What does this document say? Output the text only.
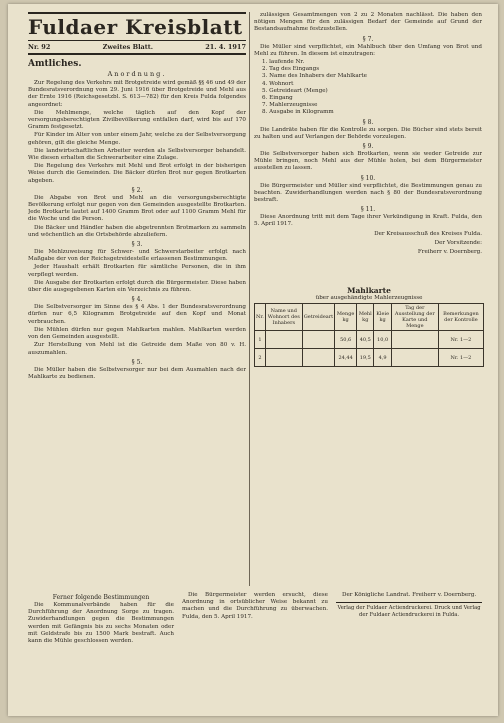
Fuldaer Kreisblatt
Nr. 92	Zweites Blatt.	21. 4. 1917
Amtliches.
Anordnung.

Zur Regelung des Verkehrs mit Brotgetreide wird gemäß §§ 46 und 49 der Bundesratsverordnung vom 29. Juni 1916 über Brotgetreide und Mehl aus der Ernte 1916 (Reichsgesetzbl. S. 613—782) für den Kreis Fulda folgendes angeordnet:

Die Mehlmenge, welche täglich auf den Kopf der versorgungsberechtigten Zivilbevölkerung entfallen darf, wird bis auf 170 Gramm festgesetzt.

Für Kinder im Alter von unter einem Jahr, welche zu der Selbstversorgung gehören, gilt die gleiche Menge.

Die landwirtschaftlichen Arbeiter werden als Selbstversorger behandelt. Wie diesen erhalten die Schwerarbeiter eine Zulage.

Die Regelung des Verkehrs mit Mehl und Brot erfolgt in der bisherigen Weise durch die Gemeinden. Die Bäcker dürfen Brot nur gegen Brotkarten abgeben.

§ 2.

Die Abgabe von Brot und Mehl an die versorgungsberechtigte Bevölkerung erfolgt nur gegen von den Gemeinden ausgestellte Brotkarten. Jede Brotkarte lautet auf 1400 Gramm Brot oder auf 1100 Gramm Mehl für die Woche und die Person.

Die Bäcker und Händler haben die abgetrennten Brotmarken zu sammeln und wöchentlich an die Ortsbehörde abzuliefern.

§ 3.

Die Mehlzuweisung für Schwer- und Schwerstarbeiter erfolgt nach Maßgabe der von der Reichsgetreidestelle erlassenen Bestimmungen.

Jeder Haushalt erhält Brotkarten für sämtliche Personen, die in ihm verpflegt werden.

Die Ausgabe der Brotkarten erfolgt durch die Bürgermeister. Diese haben über die ausgegebenen Karten ein Verzeichnis zu führen.

§ 4.

Die Selbstversorger im Sinne des § 4 Abs. 1 der Bundesratsverordnung dürfen nur 6,5 Kilogramm Brotgetreide auf den Kopf und Monat verbrauchen.

Die Mühlen dürfen nur gegen Mahlkarten mahlen. Mahlkarten werden von den Gemeinden ausgestellt.

Zur Herstellung von Mehl ist die Getreide dem Maße von 80 v. H. auszumahlen.

§ 5.

Die Müller haben die Selbstversorger nur bei dem Ausmahlen nach der Mahlkarte zu bedienen.

zulässigen Gesamtmengen von 2 zu 2 Monaten nachlässt. Die haben den nötigen Mengen für den zulässigen Bedarf der Gemeinde auf Grund der Bestandsaufnahme festzustellen.

§ 7.

Die Müller sind verpflichtet, ein Mahlbuch über den Umfang von Brot und Mehl zu führen. In diesem ist einzutragen:

1. laufende Nr.
2. Tag des Eingangs
3. Name des Inhabers der Mahlkarte
4. Wohnort
5. Getreideart (Menge)
6. Eingang
7. Mahlerzeugnisse
8. Ausgabe in Kilogramm
§ 8.

Die Landräte haben für die Kontrolle zu sorgen. Die Bücher sind stets bereit zu halten und auf Verlangen der Behörde vorzulegen.

§ 9.

Die Selbstversorger haben sich Brotkarten, wenn sie weder Getreide zur Mühle bringen, noch Mehl aus der Mühle holen, bei dem Bürgermeister ausstellen zu lassen.

§ 10.

Die Bürgermeister und Müller sind verpflichtet, die Bestimmungen genau zu beachten. Zuwiderhandlungen werden nach § 80 der Bundesratsverordnung bestraft.

§ 11.

Diese Anordnung tritt mit dem Tage ihrer Verkündigung in Kraft. Fulda, den 5. April 1917.

Der Kreisausschuß des Kreises Fulda.
Der Vorsitzende:
Freiherr v. Doernberg.
Mahlkarte
über ausgehändigte Mahlerzeugnisse
Nr.	Name und Wohnort des Inhabers	Getreideart	Menge kg	Mehl kg	Kleie kg	Tag der Ausstellung der Karte und Menge	Bemerkungen der Kontrolle
1			50,6	40,5	10,0		Nr. 1—2
2			24,44	19,5	4,9		Nr. 1—2
Ferner folgende Bestimmungen

Die Kommunalverbände haben für die Durchführung der Anordnung Sorge zu tragen. Zuwiderhandlungen gegen die Bestimmungen werden mit Gefängnis bis zu sechs Monaten oder mit Geldstrafe bis zu 1500 Mark bestraft. Auch kann die Mühle geschlossen werden.

Die Bürgermeister werden ersucht, diese Anordnung in ortsüblicher Weise bekannt zu machen und die Durchführung zu überwachen. Fulda, den 5. April 1917.

Der Königliche Landrat. Freiherr v. Doernberg.

Verlag der Fuldaer Actiendruckerei. Druck und Verlag der Fuldaer Actiendruckerei in Fulda.
